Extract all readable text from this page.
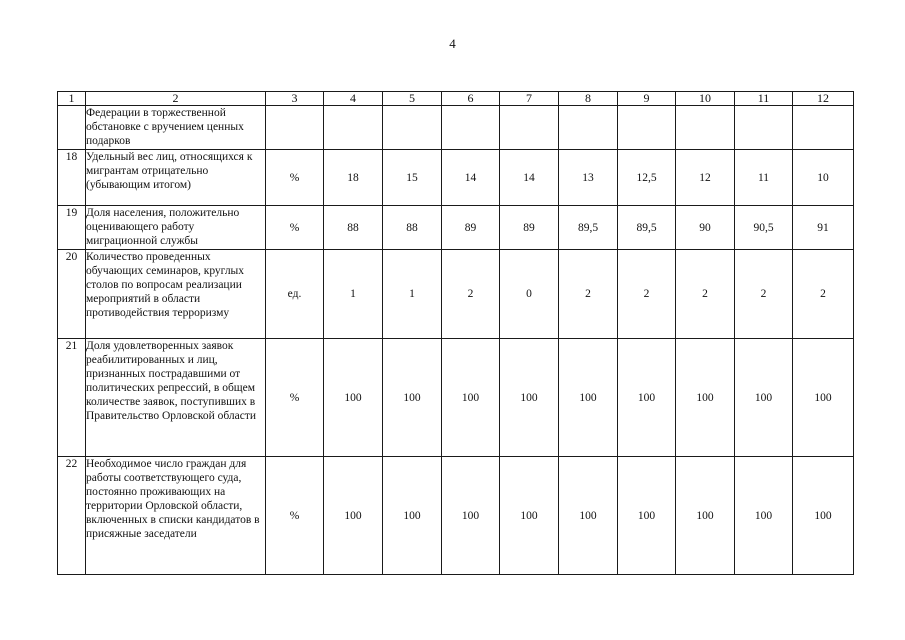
4
1	2	3	4	5	6	7	8	9	10	11	12
	Федерации в торжественной обстановке с вручением ценных подарков										
18	Удельный вес лиц, относящихся к мигрантам отрицательно (убывающим итогом)	%	18	15	14	14	13	12,5	12	11	10
19	Доля населения, положительно оценивающего работу миграционной службы	%	88	88	89	89	89,5	89,5	90	90,5	91
20	Количество проведенных обучающих семинаров, круглых столов по вопросам реализации мероприятий в области противодействия терроризму	ед.	1	1	2	0	2	2	2	2	2
21	Доля удовлетворенных заявок реабилитированных и лиц, признанных пострадавшими от политических репрессий, в общем количестве заявок, поступивших в Правительство Орловской области	%	100	100	100	100	100	100	100	100	100
22	Необходимое число граждан для работы соответствующего суда, постоянно проживающих на территории Орловской области, включенных в списки кандидатов в присяжные заседатели	%	100	100	100	100	100	100	100	100	100
